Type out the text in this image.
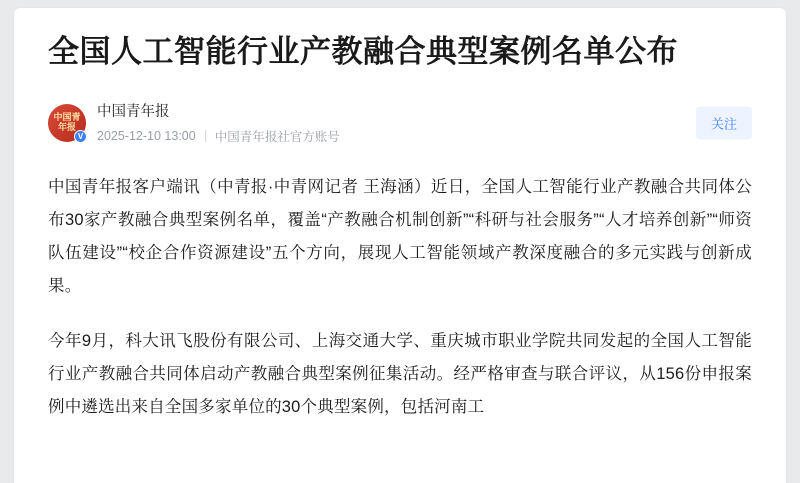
全国人工智能行业产教融合典型案例名单公布
中国青年报
V
中国青年报
2025-12-10 13:00 中国青年报社官方账号
关注

中国青年报客户端讯（中青报·中青网记者 王海涵）近日，全国人工智能行业产教融合共同体公布30家产教融合典型案例名单，覆盖“产教融合机制创新”“科研与社会服务”“人才培养创新”“师资队伍建设”“校企合作资源建设”五个方向，展现人工智能领域产教深度融合的多元实践与创新成果。

今年9月，科大讯飞股份有限公司、上海交通大学、重庆城市职业学院共同发起的全国人工智能行业产教融合共同体启动产教融合典型案例征集活动。经严格审查与联合评议，从156份申报案例中遴选出来自全国多家单位的30个典型案例，包括河南工
